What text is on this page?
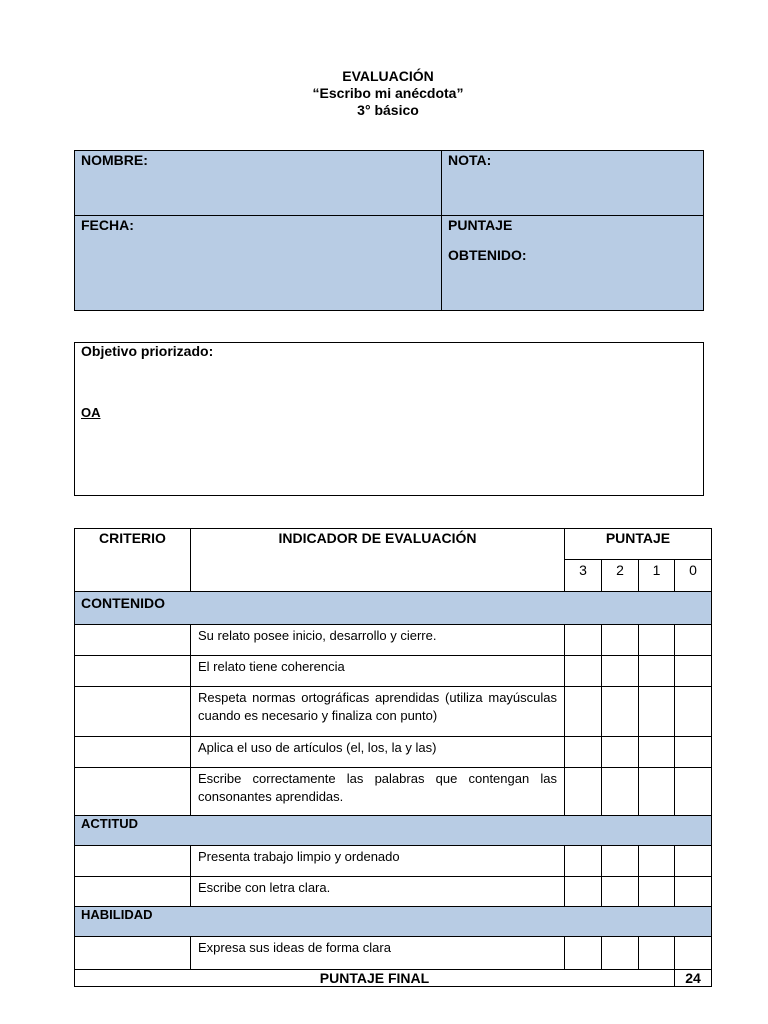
EVALUACIÓN
“Escribo mi anécdota”
3° básico
NOMBRE:	NOTA:
FECHA:	PUNTAJE
OBTENIDO:
Objetivo priorizado:
OA
CRITERIO	INDICADOR DE EVALUACIÓN	PUNTAJE			
		3	2	1	0
CONTENIDO					
	Su relato posee inicio, desarrollo y cierre.				
	El relato tiene coherencia				
	Respeta normas ortográficas aprendidas (utiliza mayúsculas cuando es necesario y finaliza con punto)				
	Aplica el uso de artículos (el, los, la y las)				
	Escribe correctamente las palabras que contengan las consonantes aprendidas.				
ACTITUD					
	Presenta trabajo limpio y ordenado				
	Escribe con letra clara.				
HABILIDAD					
	Expresa sus ideas de forma clara				
PUNTAJE FINAL					24
